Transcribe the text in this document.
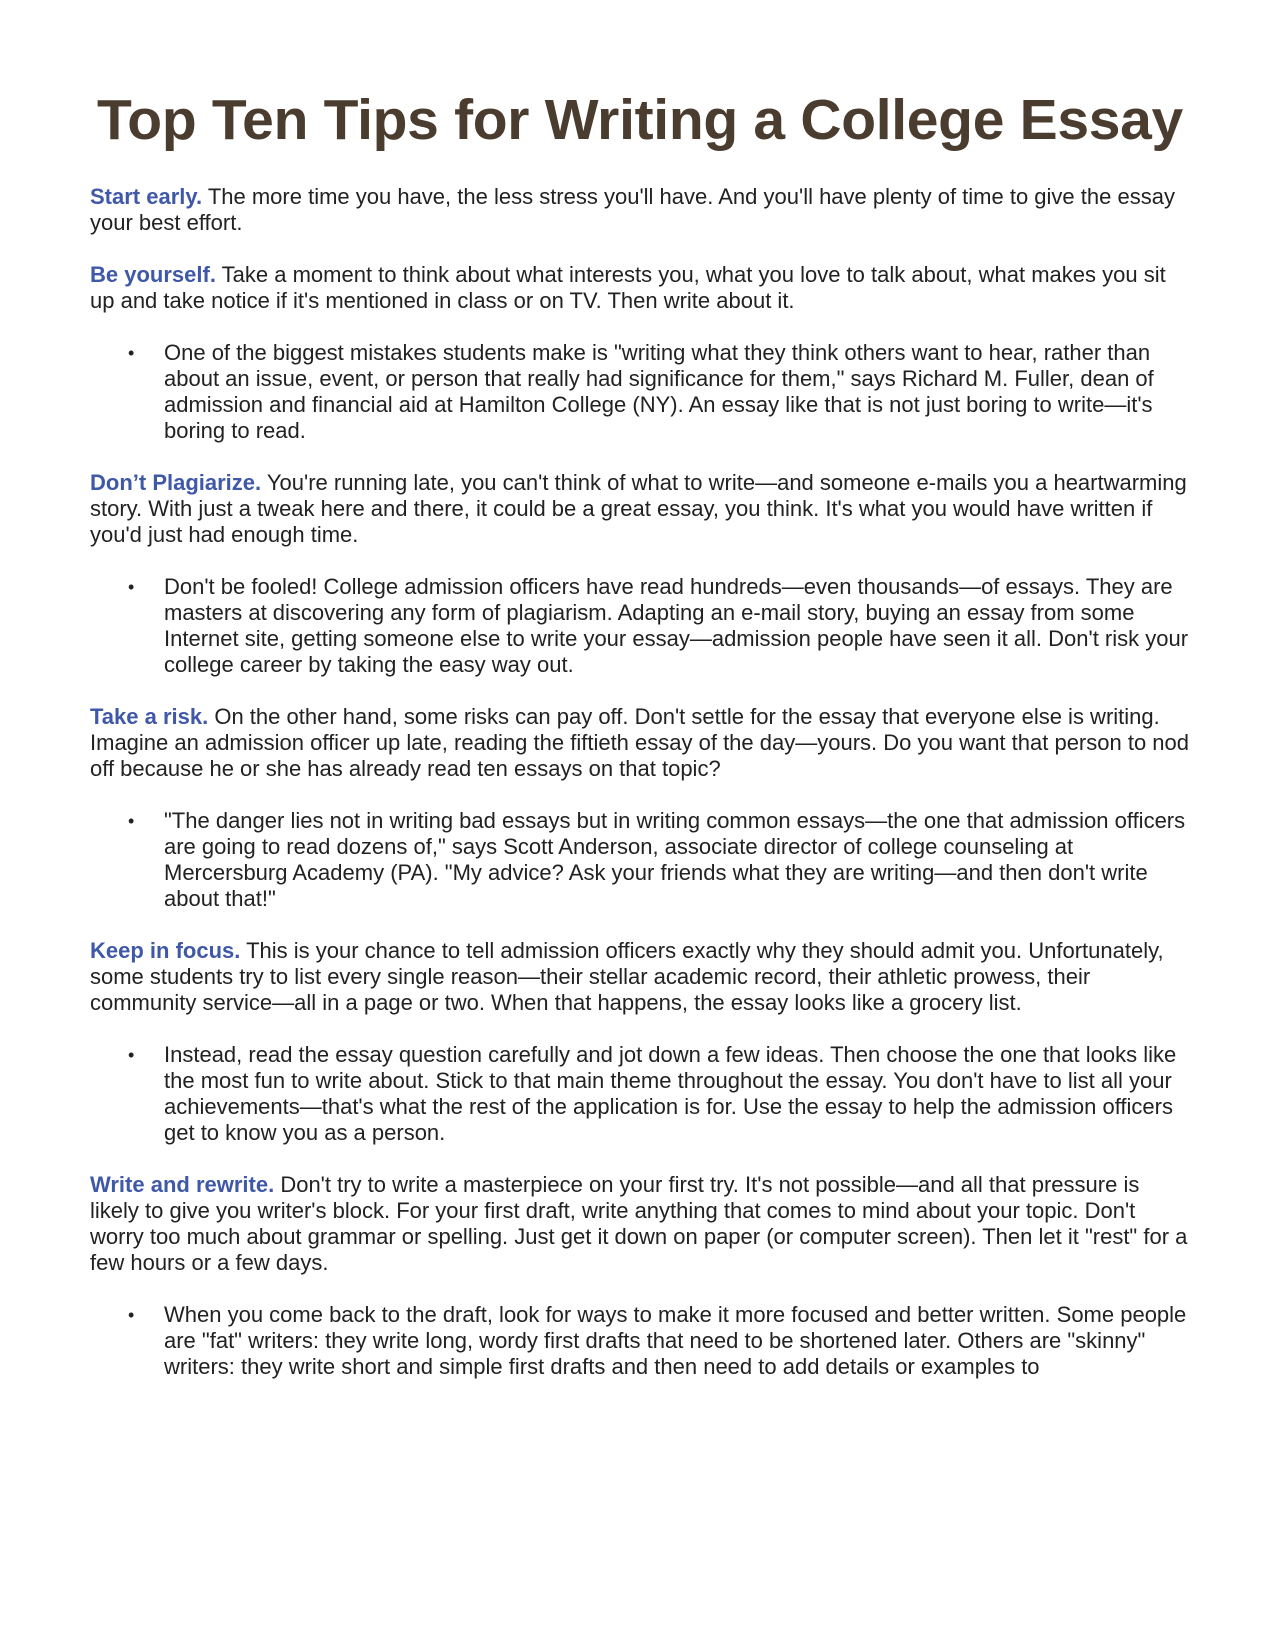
Top Ten Tips for Writing a College Essay

Start early. The more time you have, the less stress you'll have. And you'll have plenty of time to give the essay your best effort.

Be yourself. Take a moment to think about what interests you, what you love to talk about, what makes you sit up and take notice if it's mentioned in class or on TV. Then write about it.

• One of the biggest mistakes students make is "writing what they think others want to hear, rather than about an issue, event, or person that really had significance for them," says Richard M. Fuller, dean of admission and financial aid at Hamilton College (NY). An essay like that is not just boring to write—it's boring to read.

Don’t Plagiarize. You're running late, you can't think of what to write—and someone e-mails you a heartwarming story. With just a tweak here and there, it could be a great essay, you think. It's what you would have written if you'd just had enough time.

• Don't be fooled! College admission officers have read hundreds—even thousands—of essays. They are masters at discovering any form of plagiarism. Adapting an e-mail story, buying an essay from some Internet site, getting someone else to write your essay—admission people have seen it all. Don't risk your college career by taking the easy way out.

Take a risk. On the other hand, some risks can pay off. Don't settle for the essay that everyone else is writing. Imagine an admission officer up late, reading the fiftieth essay of the day—yours. Do you want that person to nod off because he or she has already read ten essays on that topic?

• "The danger lies not in writing bad essays but in writing common essays—the one that admission officers are going to read dozens of," says Scott Anderson, associate director of college counseling at Mercersburg Academy (PA). "My advice? Ask your friends what they are writing—and then don't write about that!"

Keep in focus. This is your chance to tell admission officers exactly why they should admit you. Unfortunately, some students try to list every single reason—their stellar academic record, their athletic prowess, their community service—all in a page or two. When that happens, the essay looks like a grocery list.

• Instead, read the essay question carefully and jot down a few ideas. Then choose the one that looks like the most fun to write about. Stick to that main theme throughout the essay. You don't have to list all your achievements—that's what the rest of the application is for. Use the essay to help the admission officers get to know you as a person.

Write and rewrite. Don't try to write a masterpiece on your first try. It's not possible—and all that pressure is likely to give you writer's block. For your first draft, write anything that comes to mind about your topic. Don't worry too much about grammar or spelling. Just get it down on paper (or computer screen). Then let it "rest" for a few hours or a few days.

• When you come back to the draft, look for ways to make it more focused and better written. Some people are "fat" writers: they write long, wordy first drafts that need to be shortened later. Others are "skinny" writers: they write short and simple first drafts and then need to add details or examples to
